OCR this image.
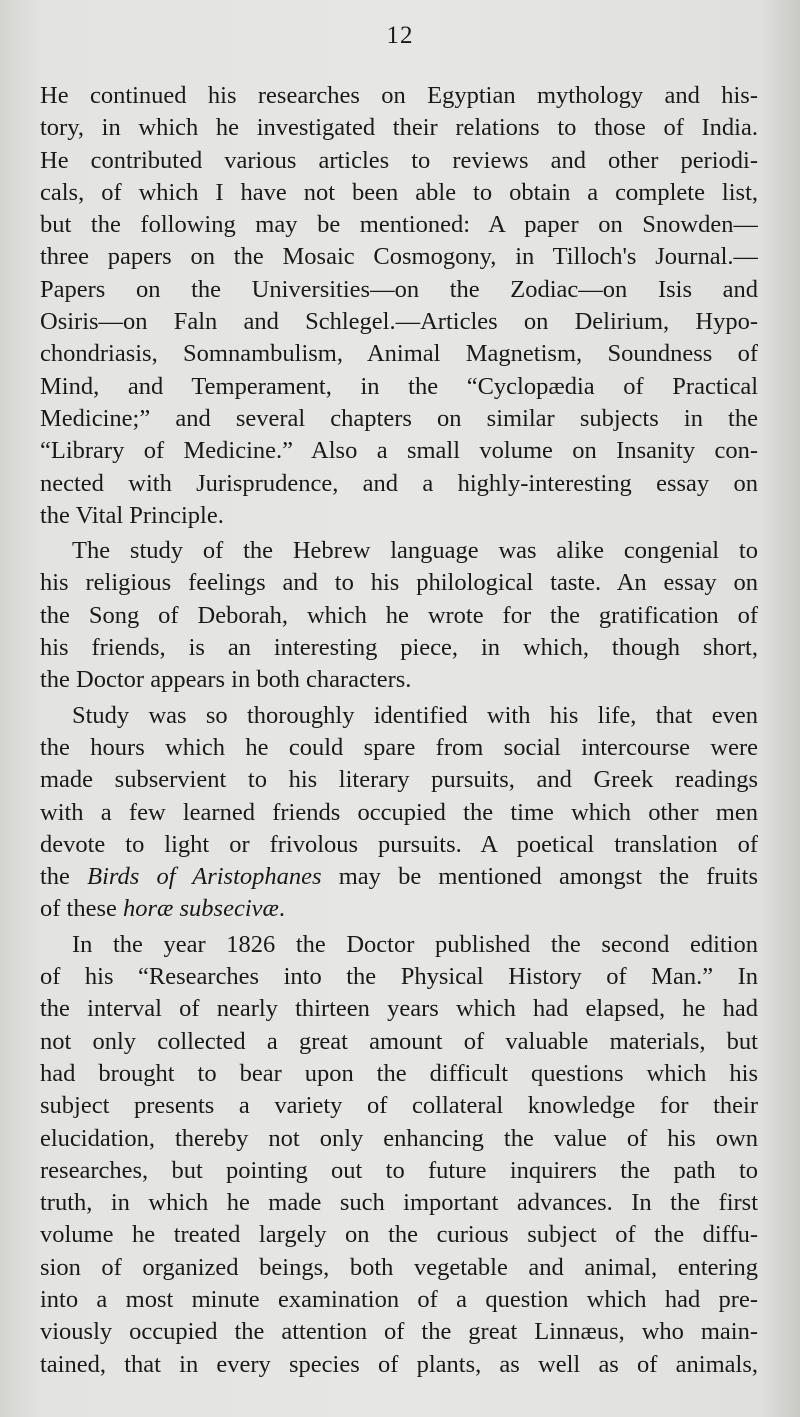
12
He continued his researches on Egyptian mythology and his-
tory, in which he investigated their relations to those of India.
He contributed various articles to reviews and other periodi-
cals, of which I have not been able to obtain a complete list,
but the following may be mentioned: A paper on Snowden—
three papers on the Mosaic Cosmogony, in Tilloch's Journal.—
Papers on the Universities—on the Zodiac—on Isis and
Osiris—on Faln and Schlegel.—Articles on Delirium, Hypo-
chondriasis, Somnambulism, Animal Magnetism, Soundness of
Mind, and Temperament, in the “Cyclopædia of Practical
Medicine;” and several chapters on similar subjects in the
“Library of Medicine.” Also a small volume on Insanity con-
nected with Jurisprudence, and a highly-interesting essay on
the Vital Principle.
The study of the Hebrew language was alike congenial to
his religious feelings and to his philological taste. An essay on
the Song of Deborah, which he wrote for the gratification of
his friends, is an interesting piece, in which, though short,
the Doctor appears in both characters.
Study was so thoroughly identified with his life, that even
the hours which he could spare from social intercourse were
made subservient to his literary pursuits, and Greek readings
with a few learned friends occupied the time which other men
devote to light or frivolous pursuits. A poetical translation of
the Birds of Aristophanes may be mentioned amongst the fruits
of these horæ subsecivæ.
In the year 1826 the Doctor published the second edition
of his “Researches into the Physical History of Man.” In
the interval of nearly thirteen years which had elapsed, he had
not only collected a great amount of valuable materials, but
had brought to bear upon the difficult questions which his
subject presents a variety of collateral knowledge for their
elucidation, thereby not only enhancing the value of his own
researches, but pointing out to future inquirers the path to
truth, in which he made such important advances. In the first
volume he treated largely on the curious subject of the diffu-
sion of organized beings, both vegetable and animal, entering
into a most minute examination of a question which had pre-
viously occupied the attention of the great Linnæus, who main-
tained, that in every species of plants, as well as of animals,
